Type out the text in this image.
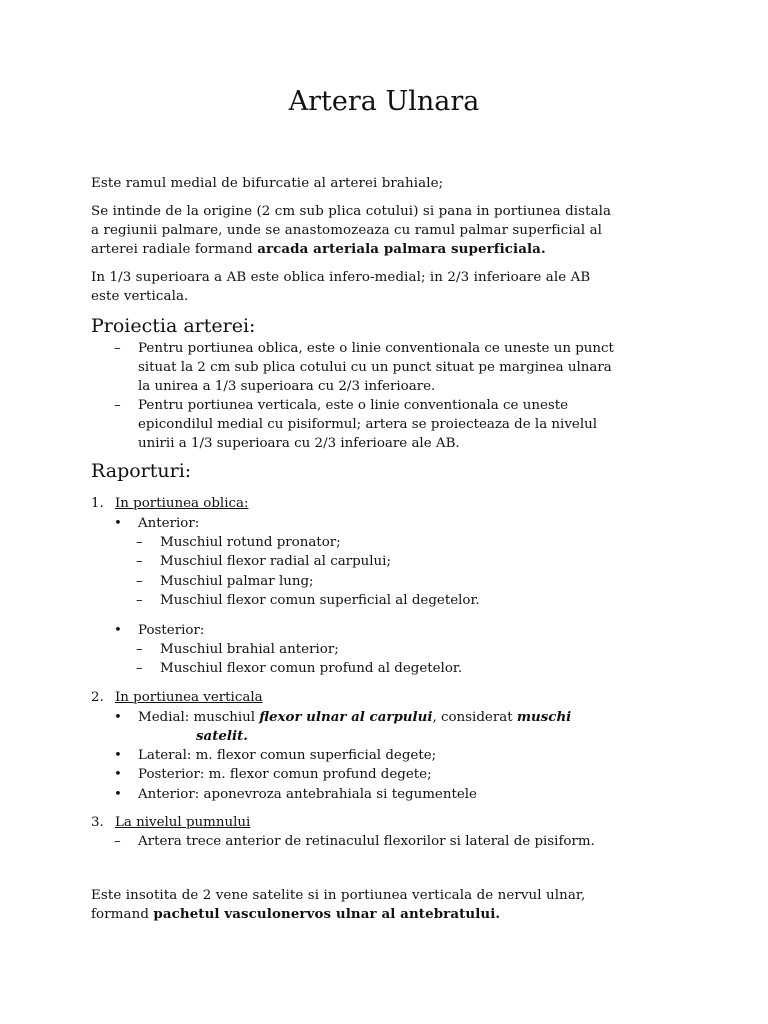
Artera Ulnara
Este ramul medial de bifurcatie al arterei brahiale;
Se intinde de la origine (2 cm sub plica cotului) si pana in portiunea distala
a regiunii palmare, unde se anastomozeaza cu ramul palmar superficial al
arterei radiale formand arcada arteriala palmara superficiala.
In 1/3 superioara a AB este oblica infero-medial; in 2/3 inferioare ale AB
este verticala.
Proiectia arterei:
– Pentru portiunea oblica, este o linie conventionala ce uneste un punct
situat la 2 cm sub plica cotului cu un punct situat pe marginea ulnara
la unirea a 1/3 superioara cu 2/3 inferioare.
– Pentru portiunea verticala, este o linie conventionala ce uneste
epicondilul medial cu pisiformul; artera se proiecteaza de la nivelul
unirii a 1/3 superioara cu 2/3 inferioare ale AB.
Raporturi:
1. In portiunea oblica:
• Anterior:
– Muschiul rotund pronator;
– Muschiul flexor radial al carpului;
– Muschiul palmar lung;
– Muschiul flexor comun superficial al degetelor.
• Posterior:
– Muschiul brahial anterior;
– Muschiul flexor comun profund al degetelor.
2. In portiunea verticala
• Medial: muschiul flexor ulnar al carpului, considerat muschi
satelit.
• Lateral: m. flexor comun superficial degete;
• Posterior: m. flexor comun profund degete;
• Anterior: aponevroza antebrahiala si tegumentele
3. La nivelul pumnului
– Artera trece anterior de retinaculul flexorilor si lateral de pisiform.
Este insotita de 2 vene satelite si in portiunea verticala de nervul ulnar,
formand pachetul vasculonervos ulnar al antebratului.
